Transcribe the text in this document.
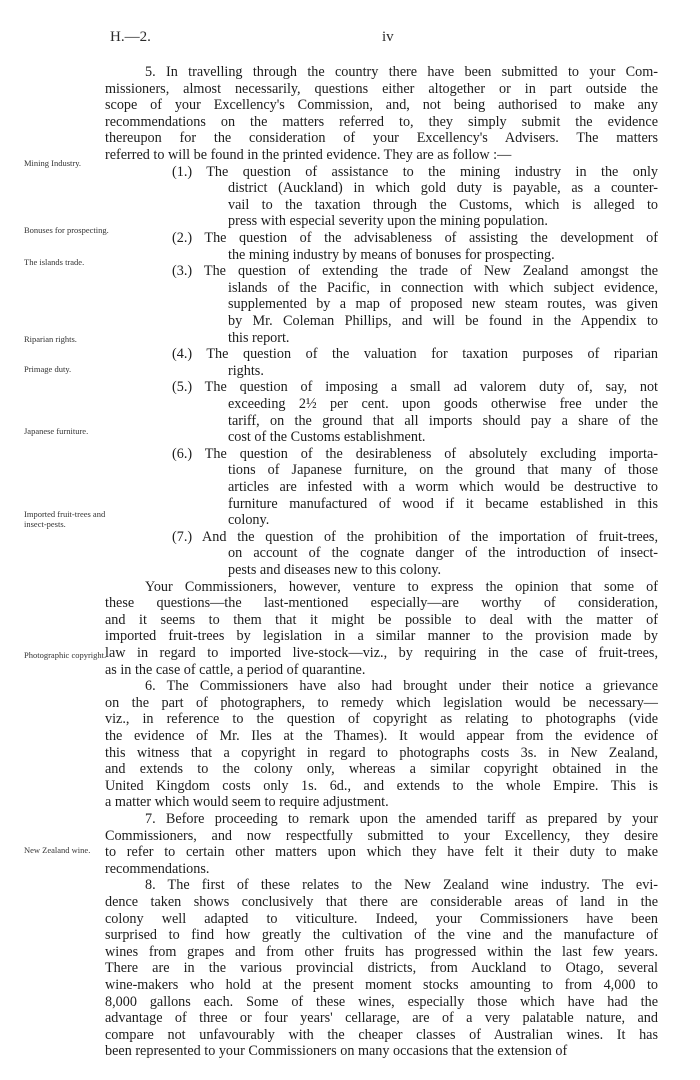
H.—2.	iv
Mining Industry.
Bonuses for prospecting.
The islands trade.
Riparian rights.
Primage duty.
Japanese furniture.
Imported fruit-trees and insect-pests.
Photographic copyright.
New Zealand wine.
5. In travelling through the country there have been submitted to your Com-
missioners, almost necessarily, questions either altogether or in part outside the
scope of your Excellency's Commission, and, not being authorised to make any
recommendations on the matters referred to, they simply submit the evidence
thereupon for the consideration of your Excellency's Advisers. The matters
referred to will be found in the printed evidence. They are as follow :—
(1.) The question of assistance to the mining industry in the only
district (Auckland) in which gold duty is payable, as a counter-
vail to the taxation through the Customs, which is alleged to
press with especial severity upon the mining population.
(2.) The question of the advisableness of assisting the development of
the mining industry by means of bonuses for prospecting.
(3.) The question of extending the trade of New Zealand amongst the
islands of the Pacific, in connection with which subject evidence,
supplemented by a map of proposed new steam routes, was given
by Mr. Coleman Phillips, and will be found in the Appendix to
this report.
(4.) The question of the valuation for taxation purposes of riparian
rights.
(5.) The question of imposing a small ad valorem duty of, say, not
exceeding 2½ per cent. upon goods otherwise free under the
tariff, on the ground that all imports should pay a share of the
cost of the Customs establishment.
(6.) The question of the desirableness of absolutely excluding importa-
tions of Japanese furniture, on the ground that many of those
articles are infested with a worm which would be destructive to
furniture manufactured of wood if it became established in this
colony.
(7.) And the question of the prohibition of the importation of fruit-trees,
on account of the cognate danger of the introduction of insect-
pests and diseases new to this colony.
Your Commissioners, however, venture to express the opinion that some of
these questions—the last-mentioned especially—are worthy of consideration,
and it seems to them that it might be possible to deal with the matter of
imported fruit-trees by legislation in a similar manner to the provision made by
law in regard to imported live-stock—viz., by requiring in the case of fruit-trees,
as in the case of cattle, a period of quarantine.
6. The Commissioners have also had brought under their notice a grievance
on the part of photographers, to remedy which legislation would be necessary—
viz., in reference to the question of copyright as relating to photographs (vide
the evidence of Mr. Iles at the Thames). It would appear from the evidence of
this witness that a copyright in regard to photographs costs 3s. in New Zealand,
and extends to the colony only, whereas a similar copyright obtained in the
United Kingdom costs only 1s. 6d., and extends to the whole Empire. This is
a matter which would seem to require adjustment.
7. Before proceeding to remark upon the amended tariff as prepared by your
Commissioners, and now respectfully submitted to your Excellency, they desire
to refer to certain other matters upon which they have felt it their duty to make
recommendations.
8. The first of these relates to the New Zealand wine industry. The evi-
dence taken shows conclusively that there are considerable areas of land in the
colony well adapted to viticulture. Indeed, your Commissioners have been
surprised to find how greatly the cultivation of the vine and the manufacture of
wines from grapes and from other fruits has progressed within the last few years.
There are in the various provincial districts, from Auckland to Otago, several
wine-makers who hold at the present moment stocks amounting to from 4,000 to
8,000 gallons each. Some of these wines, especially those which have had the
advantage of three or four years' cellarage, are of a very palatable nature, and
compare not unfavourably with the cheaper classes of Australian wines. It has
been represented to your Commissioners on many occasions that the extension of
